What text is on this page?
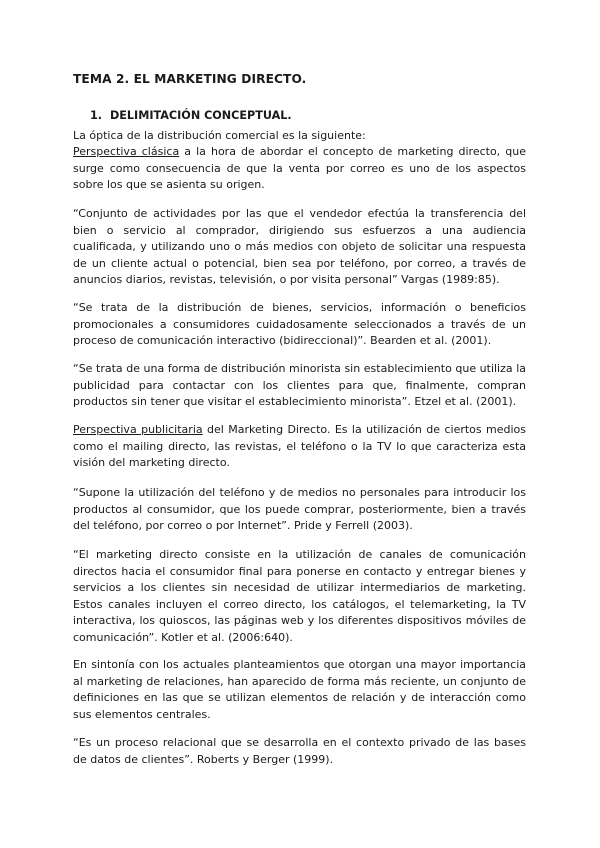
TEMA 2. EL MARKETING DIRECTO.
1. DELIMITACIÓN CONCEPTUAL.

La óptica de la distribución comercial es la siguiente:

Perspectiva clásica a la hora de abordar el concepto de marketing directo, que surge como consecuencia de que la venta por correo es uno de los aspectos sobre los que se asienta su origen.

“Conjunto de actividades por las que el vendedor efectúa la transferencia del bien o servicio al comprador, dirigiendo sus esfuerzos a una audiencia cualificada, y utilizando uno o más medios con objeto de solicitar una respuesta de un cliente actual o potencial, bien sea por teléfono, por correo, a través de anuncios diarios, revistas, televisión, o por visita personal” Vargas (1989:85).

“Se trata de la distribución de bienes, servicios, información o beneficios promocionales a consumidores cuidadosamente seleccionados a través de un proceso de comunicación interactivo (bidireccional)”. Bearden et al. (2001).

“Se trata de una forma de distribución minorista sin establecimiento que utiliza la publicidad para contactar con los clientes para que, finalmente, compran productos sin tener que visitar el establecimiento minorista”. Etzel et al. (2001).

Perspectiva publicitaria del Marketing Directo. Es la utilización de ciertos medios como el mailing directo, las revistas, el teléfono o la TV lo que caracteriza esta visión del marketing directo.

“Supone la utilización del teléfono y de medios no personales para introducir los productos al consumidor, que los puede comprar, posteriormente, bien a través del teléfono, por correo o por Internet”. Pride y Ferrell (2003).

“El marketing directo consiste en la utilización de canales de comunicación directos hacia el consumidor final para ponerse en contacto y entregar bienes y servicios a los clientes sin necesidad de utilizar intermediarios de marketing. Estos canales incluyen el correo directo, los catálogos, el telemarketing, la TV interactiva, los quioscos, las páginas web y los diferentes dispositivos móviles de comunicación”. Kotler et al. (2006:640).

En sintonía con los actuales planteamientos que otorgan una mayor importancia al marketing de relaciones, han aparecido de forma más reciente, un conjunto de definiciones en las que se utilizan elementos de relación y de interacción como sus elementos centrales.

“Es un proceso relacional que se desarrolla en el contexto privado de las bases de datos de clientes”. Roberts y Berger (1999).
